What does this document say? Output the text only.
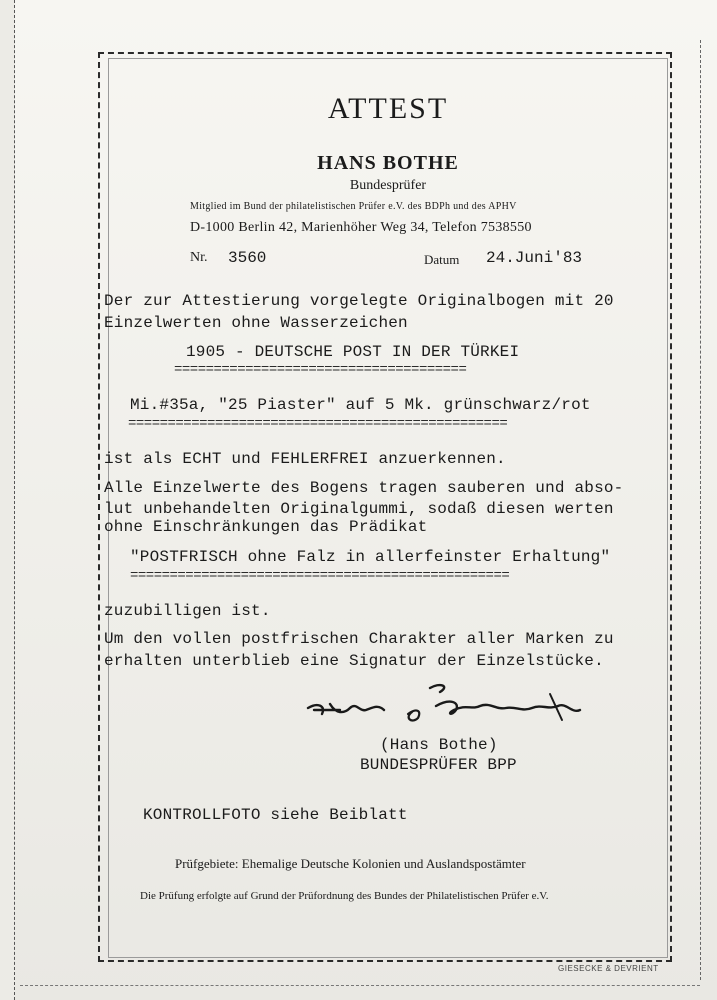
ATTEST
HANS BOTHE
Bundesprüfer
Mitglied im Bund der philatelistischen Prüfer e.V. des BDPh und des APHV
D-1000 Berlin 42, Marienhöher Weg 34, Telefon 7538550
Nr. 3560	Datum 24.Juni'83
Der zur Attestierung vorgelegte Originalbogen mit 20
Einzelwerten ohne Wasserzeichen
1905 - DEUTSCHE POST IN DER TÜRKEI
=====================================
Mi.#35a, "25 Piaster" auf 5 Mk. grünschwarz/rot
================================================
ist als ECHT und FEHLERFREI anzuerkennen.
Alle Einzelwerte des Bogens tragen sauberen und abso-
lut unbehandelten Originalgummi, sodaß diesen werten
ohne Einschränkungen das Prädikat
"POSTFRISCH ohne Falz in allerfeinster Erhaltung"
================================================
zuzubilligen ist.
Um den vollen postfrischen Charakter aller Marken zu
erhalten unterblieb eine Signatur der Einzelstücke.
(Hans Bothe)
BUNDESPRÜFER BPP
KONTROLLFOTO siehe Beiblatt
Prüfgebiete: Ehemalige Deutsche Kolonien und Auslandspostämter
Die Prüfung erfolgte auf Grund der Prüfordnung des Bundes der Philatelistischen Prüfer e.V.
GIESECKE & DEVRIENT
